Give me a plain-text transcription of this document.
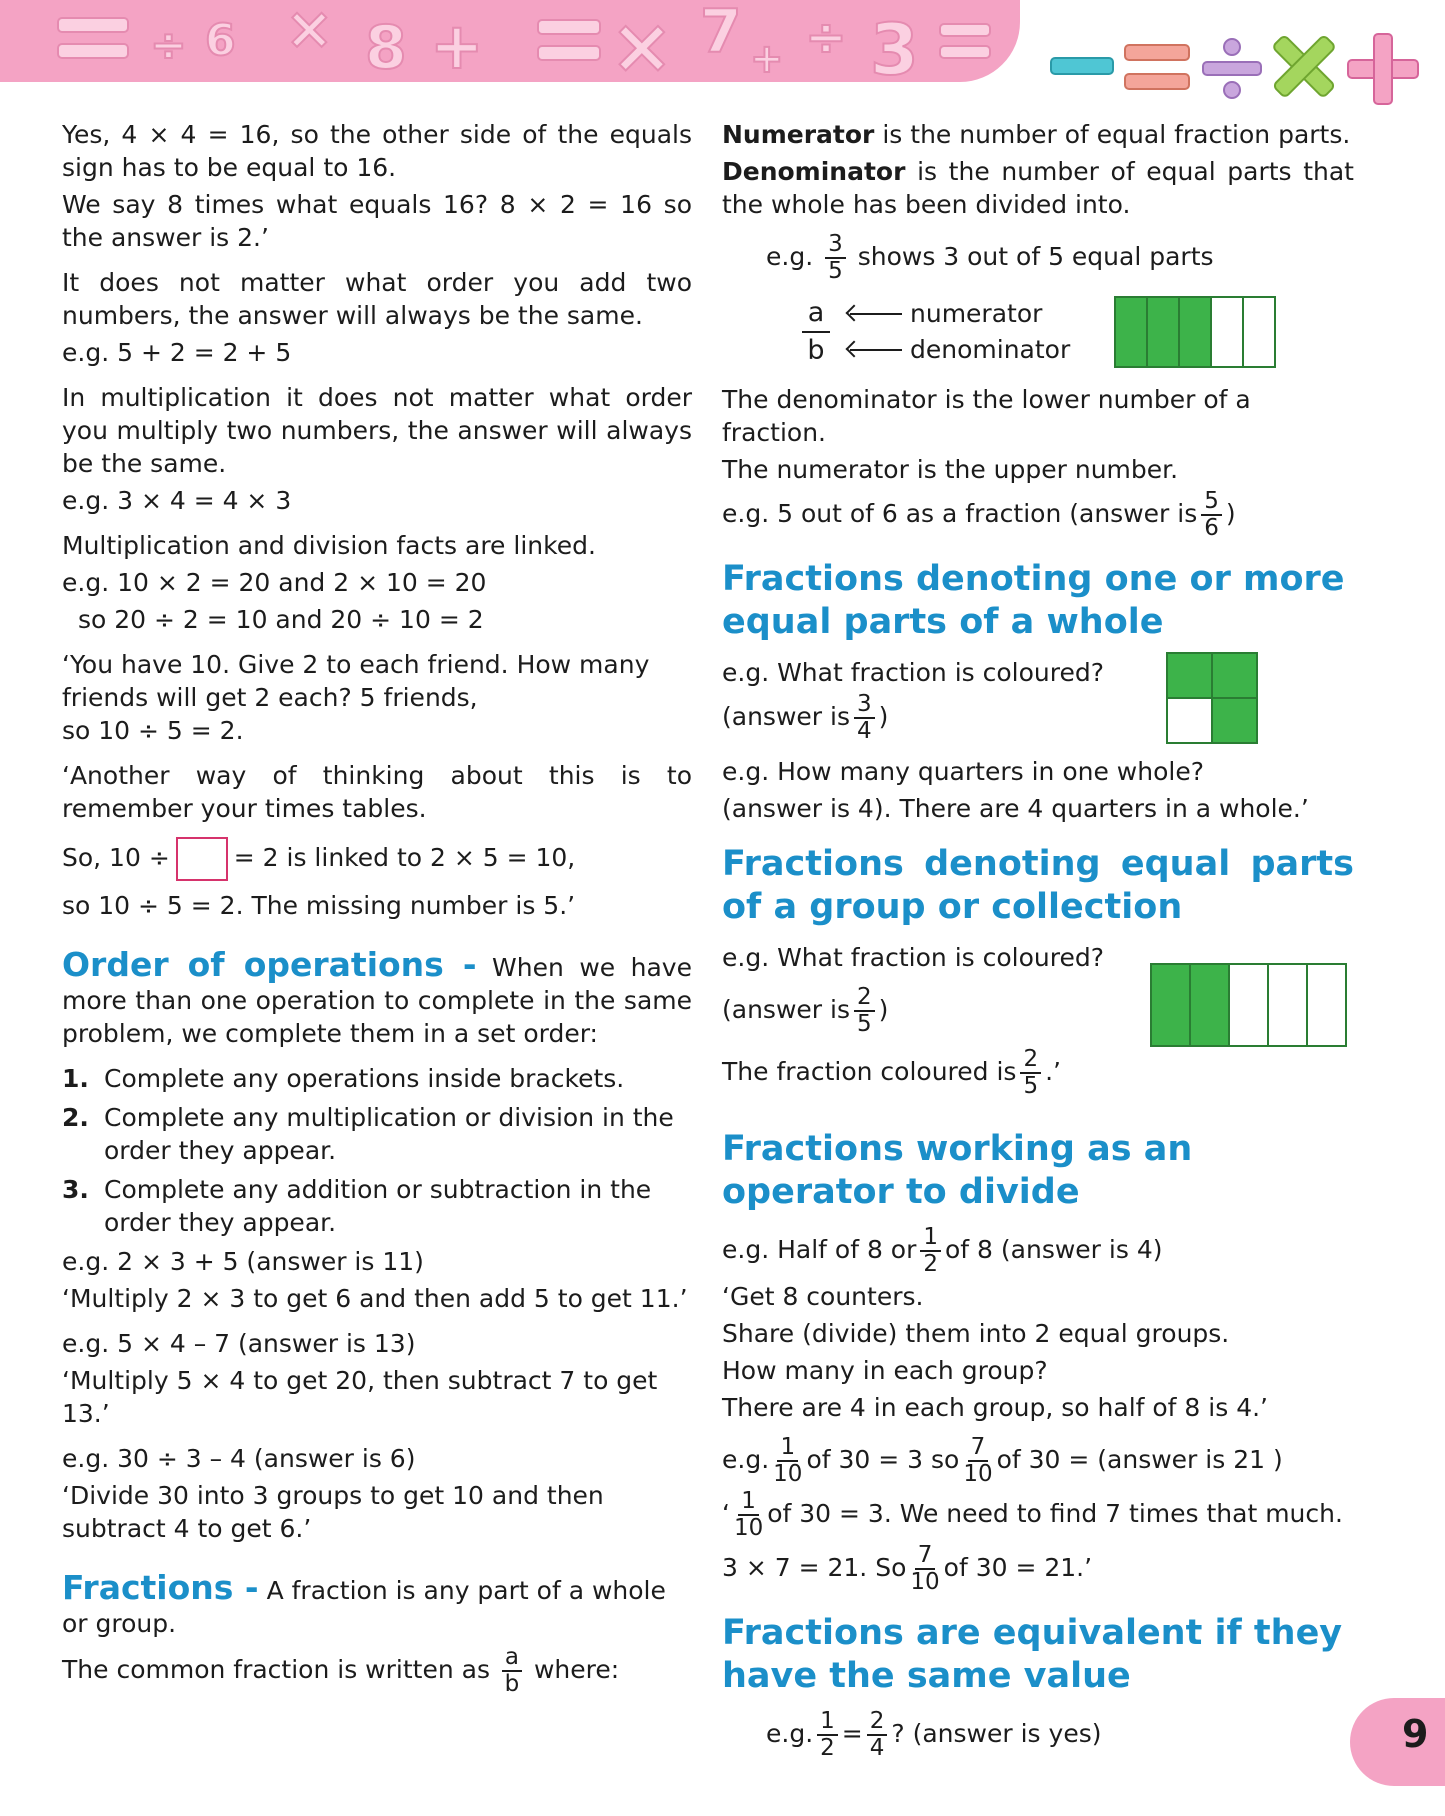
÷ 6 × 8 + × 7 + ÷ 3

Yes, 4 × 4 = 16, so the other side of the equals sign has to be equal to 16.

We say 8 times what equals 16? 8 × 2 = 16 so the answer is 2.’

It does not matter what order you add two numbers, the answer will always be the same.

e.g. 5 + 2 = 2 + 5

In multiplication it does not matter what order you multiply two numbers, the answer will always be the same.

e.g. 3 × 4 = 4 × 3

Multiplication and division facts are linked.

e.g. 10 × 2 = 20 and 2 × 10 = 20

so 20 ÷ 2 = 10 and 20 ÷ 10 = 2

‘You have 10. Give 2 to each friend. How many friends will get 2 each? 5 friends,

so 10 ÷ 5 = 2.

‘Another way of thinking about this is to remember your times tables.

So, 10 ÷	= 2 is linked to 2 × 5 = 10,

so 10 ÷ 5 = 2. The missing number is 5.’

Order of operations - When we have more than one operation to complete in the same problem, we complete them in a set order:

1. Complete any operations inside brackets.
2. Complete any multiplication or division in the order they appear.
3. Complete any addition or subtraction in the order they appear.

e.g. 2 × 3 + 5 (answer is 11)

‘Multiply 2 × 3 to get 6 and then add 5 to get 11.’

e.g. 5 × 4 – 7 (answer is 13)

‘Multiply 5 × 4 to get 20, then subtract 7 to get 13.’

e.g. 30 ÷ 3 – 4 (answer is 6)

‘Divide 30 into 3 groups to get 10 and then subtract 4 to get 6.’

Fractions - A fraction is any part of a whole or group.

The common fraction is written as $\frac{a}{b}$ where:

Numerator is the number of equal fraction parts.

Denominator is the number of equal parts that the whole has been divided into.

e.g. $\frac{3}{5}$ shows 3 out of 5 equal parts

a
b
numerator
denominator

The denominator is the lower number of a fraction.

The numerator is the upper number.

e.g. 5 out of 6 as a fraction (answer is $\frac{5}{6}$ )

Fractions denoting one or more equal parts of a whole

e.g. What fraction is coloured?

(answer is $\frac{3}{4}$ )

e.g. How many quarters in one whole?

(answer is 4). There are 4 quarters in a whole.’

Fractions denoting equal parts of a group or collection

e.g. What fraction is coloured?

(answer is $\frac{2}{5}$ )

The fraction coloured is $\frac{2}{5}$ .’

Fractions working as an operator to divide

e.g. Half of 8 or $\frac{1}{2}$ of 8 (answer is 4)

‘Get 8 counters.

Share (divide) them into 2 equal groups.

How many in each group?

There are 4 in each group, so half of 8 is 4.’

e.g. $\frac{1}{10}$ of 30 = 3 so $\frac{7}{10}$ of 30 = (answer is 21 )

‘ $\frac{1}{10}$ of 30 = 3. We need to find 7 times that much.

3 × 7 = 21. So $\frac{7}{10}$ of 30 = 21.’

Fractions are equivalent if they have the same value

e.g. $\frac{1}{2} = \frac{2}{4}$ ? (answer is yes)	9
